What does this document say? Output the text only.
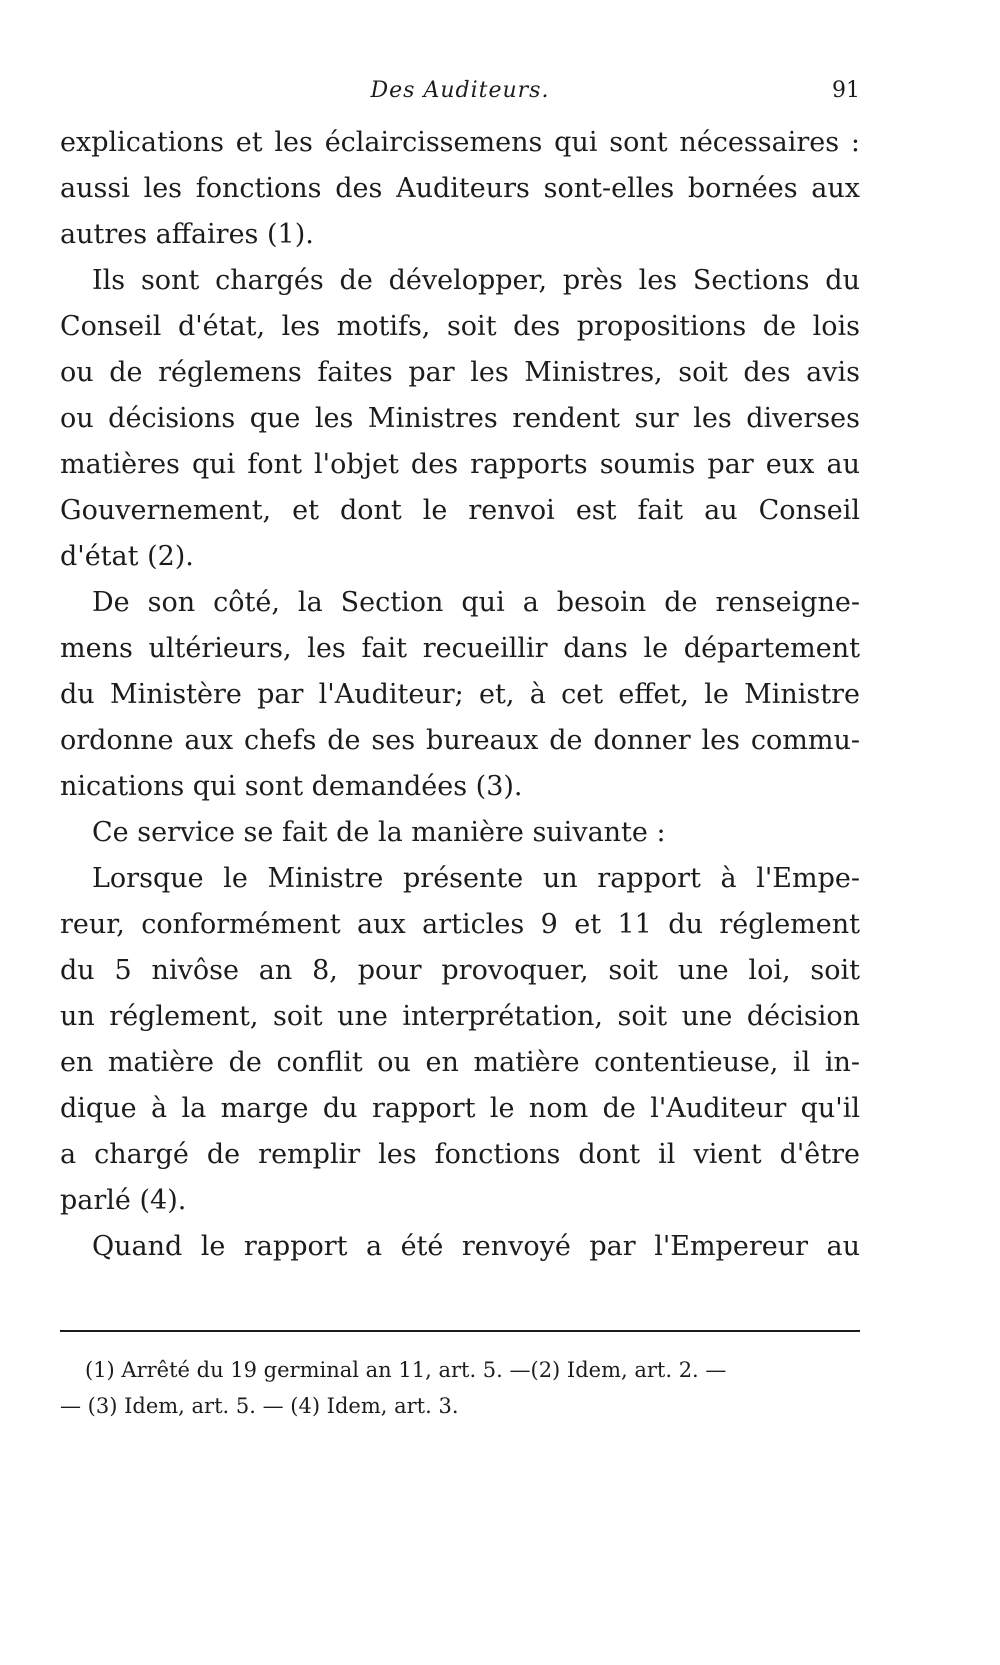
Des Auditeurs.	91
explications et les éclaircissemens qui sont nécessaires :
aussi les fonctions des Auditeurs sont-elles bornées aux
autres affaires (1).
Ils sont chargés de développer, près les Sections du
Conseil d'état, les motifs, soit des propositions de lois
ou de réglemens faites par les Ministres, soit des avis
ou décisions que les Ministres rendent sur les diverses
matières qui font l'objet des rapports soumis par eux au
Gouvernement, et dont le renvoi est fait au Conseil
d'état (2).
De son côté, la Section qui a besoin de renseigne-
mens ultérieurs, les fait recueillir dans le département
du Ministère par l'Auditeur; et, à cet effet, le Ministre
ordonne aux chefs de ses bureaux de donner les commu-
nications qui sont demandées (3).
Ce service se fait de la manière suivante :
Lorsque le Ministre présente un rapport à l'Empe-
reur, conformément aux articles 9 et 11 du réglement
du 5 nivôse an 8, pour provoquer, soit une loi, soit
un réglement, soit une interprétation, soit une décision
en matière de conflit ou en matière contentieuse, il in-
dique à la marge du rapport le nom de l'Auditeur qu'il
a chargé de remplir les fonctions dont il vient d'être
parlé (4).
Quand le rapport a été renvoyé par l'Empereur au
(1) Arrêté du 19 germinal an 11, art. 5. —(2) Idem, art. 2. —
— (3) Idem, art. 5. — (4) Idem, art. 3.
